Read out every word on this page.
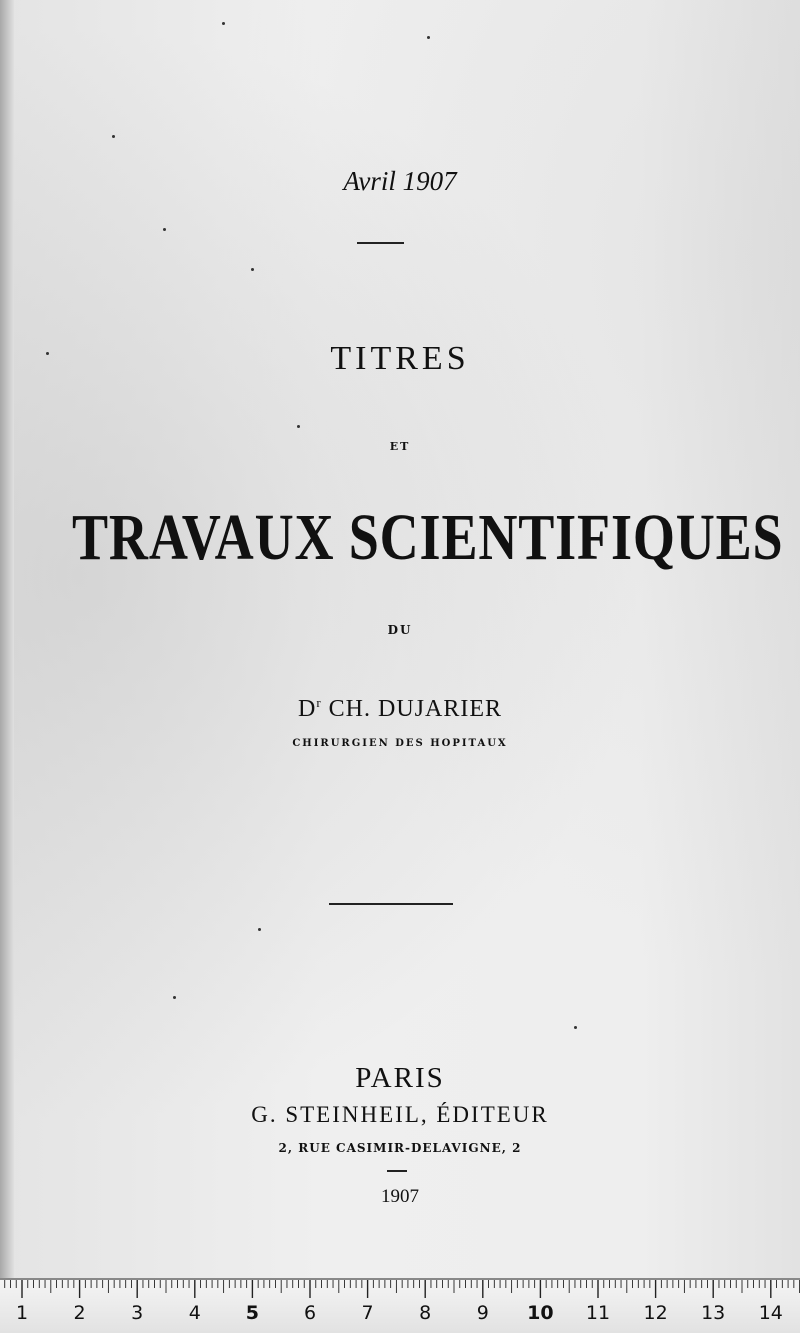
Avril 1907
TITRES
ET
TRAVAUX SCIENTIFIQUES
DU
$D^r$ CH. DUJARIER
CHIRURGIEN DES HOPITAUX
PARIS
G. STEINHEIL, ÉDITEUR
2, RUE CASIMIR-DELAVIGNE, 2
1907
1 2 3 4 5 6 7 8 9 10 11 12 13 14
